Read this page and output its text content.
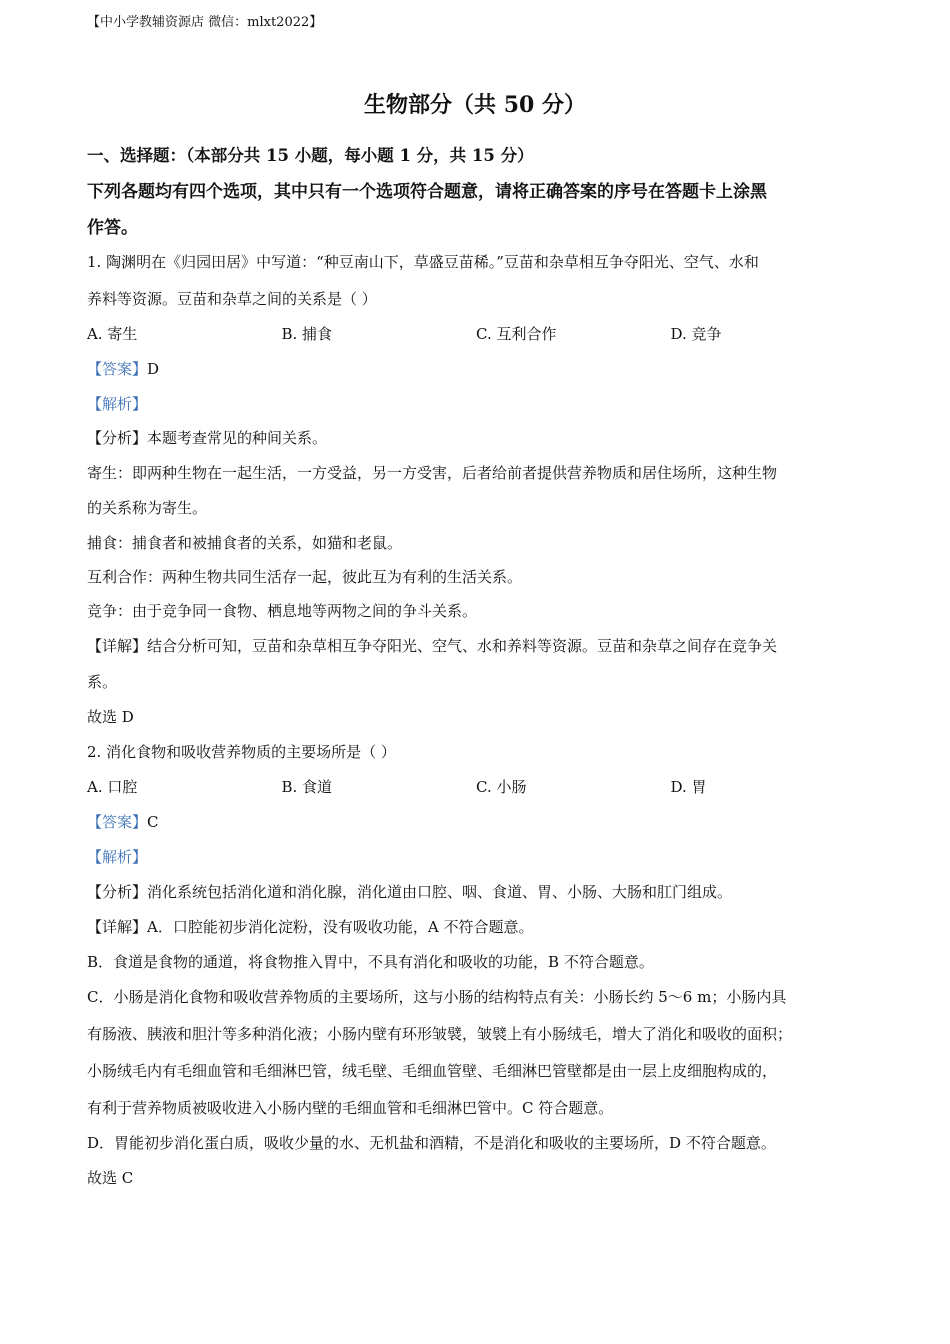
【中小学教辅资源店 微信：mlxt2022】
生物部分（共 50 分）
一、选择题：（本部分共 15 小题，每小题 1 分，共 15 分）
下列各题均有四个选项，其中只有一个选项符合题意，请将正确答案的序号在答题卡上涂黑
作答。
1. 陶渊明在《归园田居》中写道：“种豆南山下，草盛豆苗稀。”豆苗和杂草相互争夺阳光、空气、水和
养料等资源。豆苗和杂草之间的关系是（ ）
A. 寄生	B. 捕食	C. 互利合作	D. 竞争
【答案】D
【解析】
【分析】本题考查常见的种间关系。
寄生：即两种生物在一起生活，一方受益，另一方受害，后者给前者提供营养物质和居住场所，这种生物
的关系称为寄生。
捕食：捕食者和被捕食者的关系，如猫和老鼠。
互利合作：两种生物共同生活存一起，彼此互为有利的生活关系。
竞争：由于竞争同一食物、栖息地等两物之间的争斗关系。
【详解】结合分析可知，豆苗和杂草相互争夺阳光、空气、水和养料等资源。豆苗和杂草之间存在竞争关
系。
故选 D
2. 消化食物和吸收营养物质的主要场所是（ ）
A. 口腔	B. 食道	C. 小肠	D. 胃
【答案】C
【解析】
【分析】消化系统包括消化道和消化腺，消化道由口腔、咽、食道、胃、小肠、大肠和肛门组成。
【详解】A．口腔能初步消化淀粉，没有吸收功能，A 不符合题意。
B．食道是食物的通道，将食物推入胃中，不具有消化和吸收的功能，B 不符合题意。
C．小肠是消化食物和吸收营养物质的主要场所，这与小肠的结构特点有关：小肠长约 5～6 m；小肠内具
有肠液、胰液和胆汁等多种消化液；小肠内壁有环形皱襞，皱襞上有小肠绒毛，增大了消化和吸收的面积；
小肠绒毛内有毛细血管和毛细淋巴管，绒毛壁、毛细血管壁、毛细淋巴管壁都是由一层上皮细胞构成的，
有利于营养物质被吸收进入小肠内壁的毛细血管和毛细淋巴管中。C 符合题意。
D．胃能初步消化蛋白质，吸收少量的水、无机盐和酒精，不是消化和吸收的主要场所，D 不符合题意。
故选 C
